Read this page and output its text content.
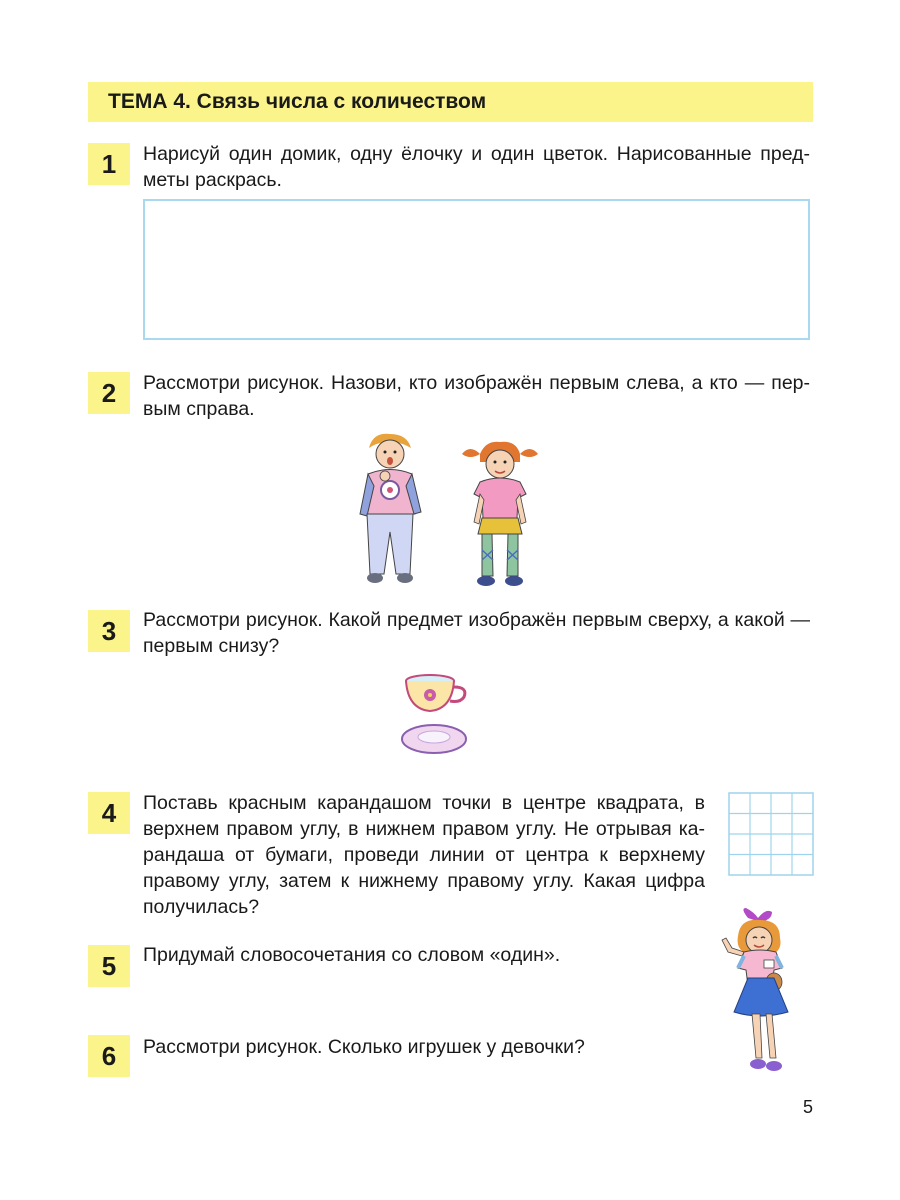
ТЕМА 4. Связь числа с количеством
1	Нарисуй один домик, одну ёлочку и один цветок. Нарисованные пред-
меты раскрась.
2	Рассмотри рисунок. Назови, кто изображён первым слева, а кто — пер-
вым справа.
3	Рассмотри рисунок. Какой предмет изображён первым сверху, а какой —
первым снизу?
4	Поставь красным карандашом точки в центре квадрата, в
верхнем правом углу, в нижнем правом углу. Не отрывая ка-
рандаша от бумаги, проведи линии от центра к верхнему
правому углу, затем к нижнему правому углу. Какая цифра
получилась?
5	Придумай словосочетания со словом «один».
6	Рассмотри рисунок. Сколько игрушек у девочки?
5
